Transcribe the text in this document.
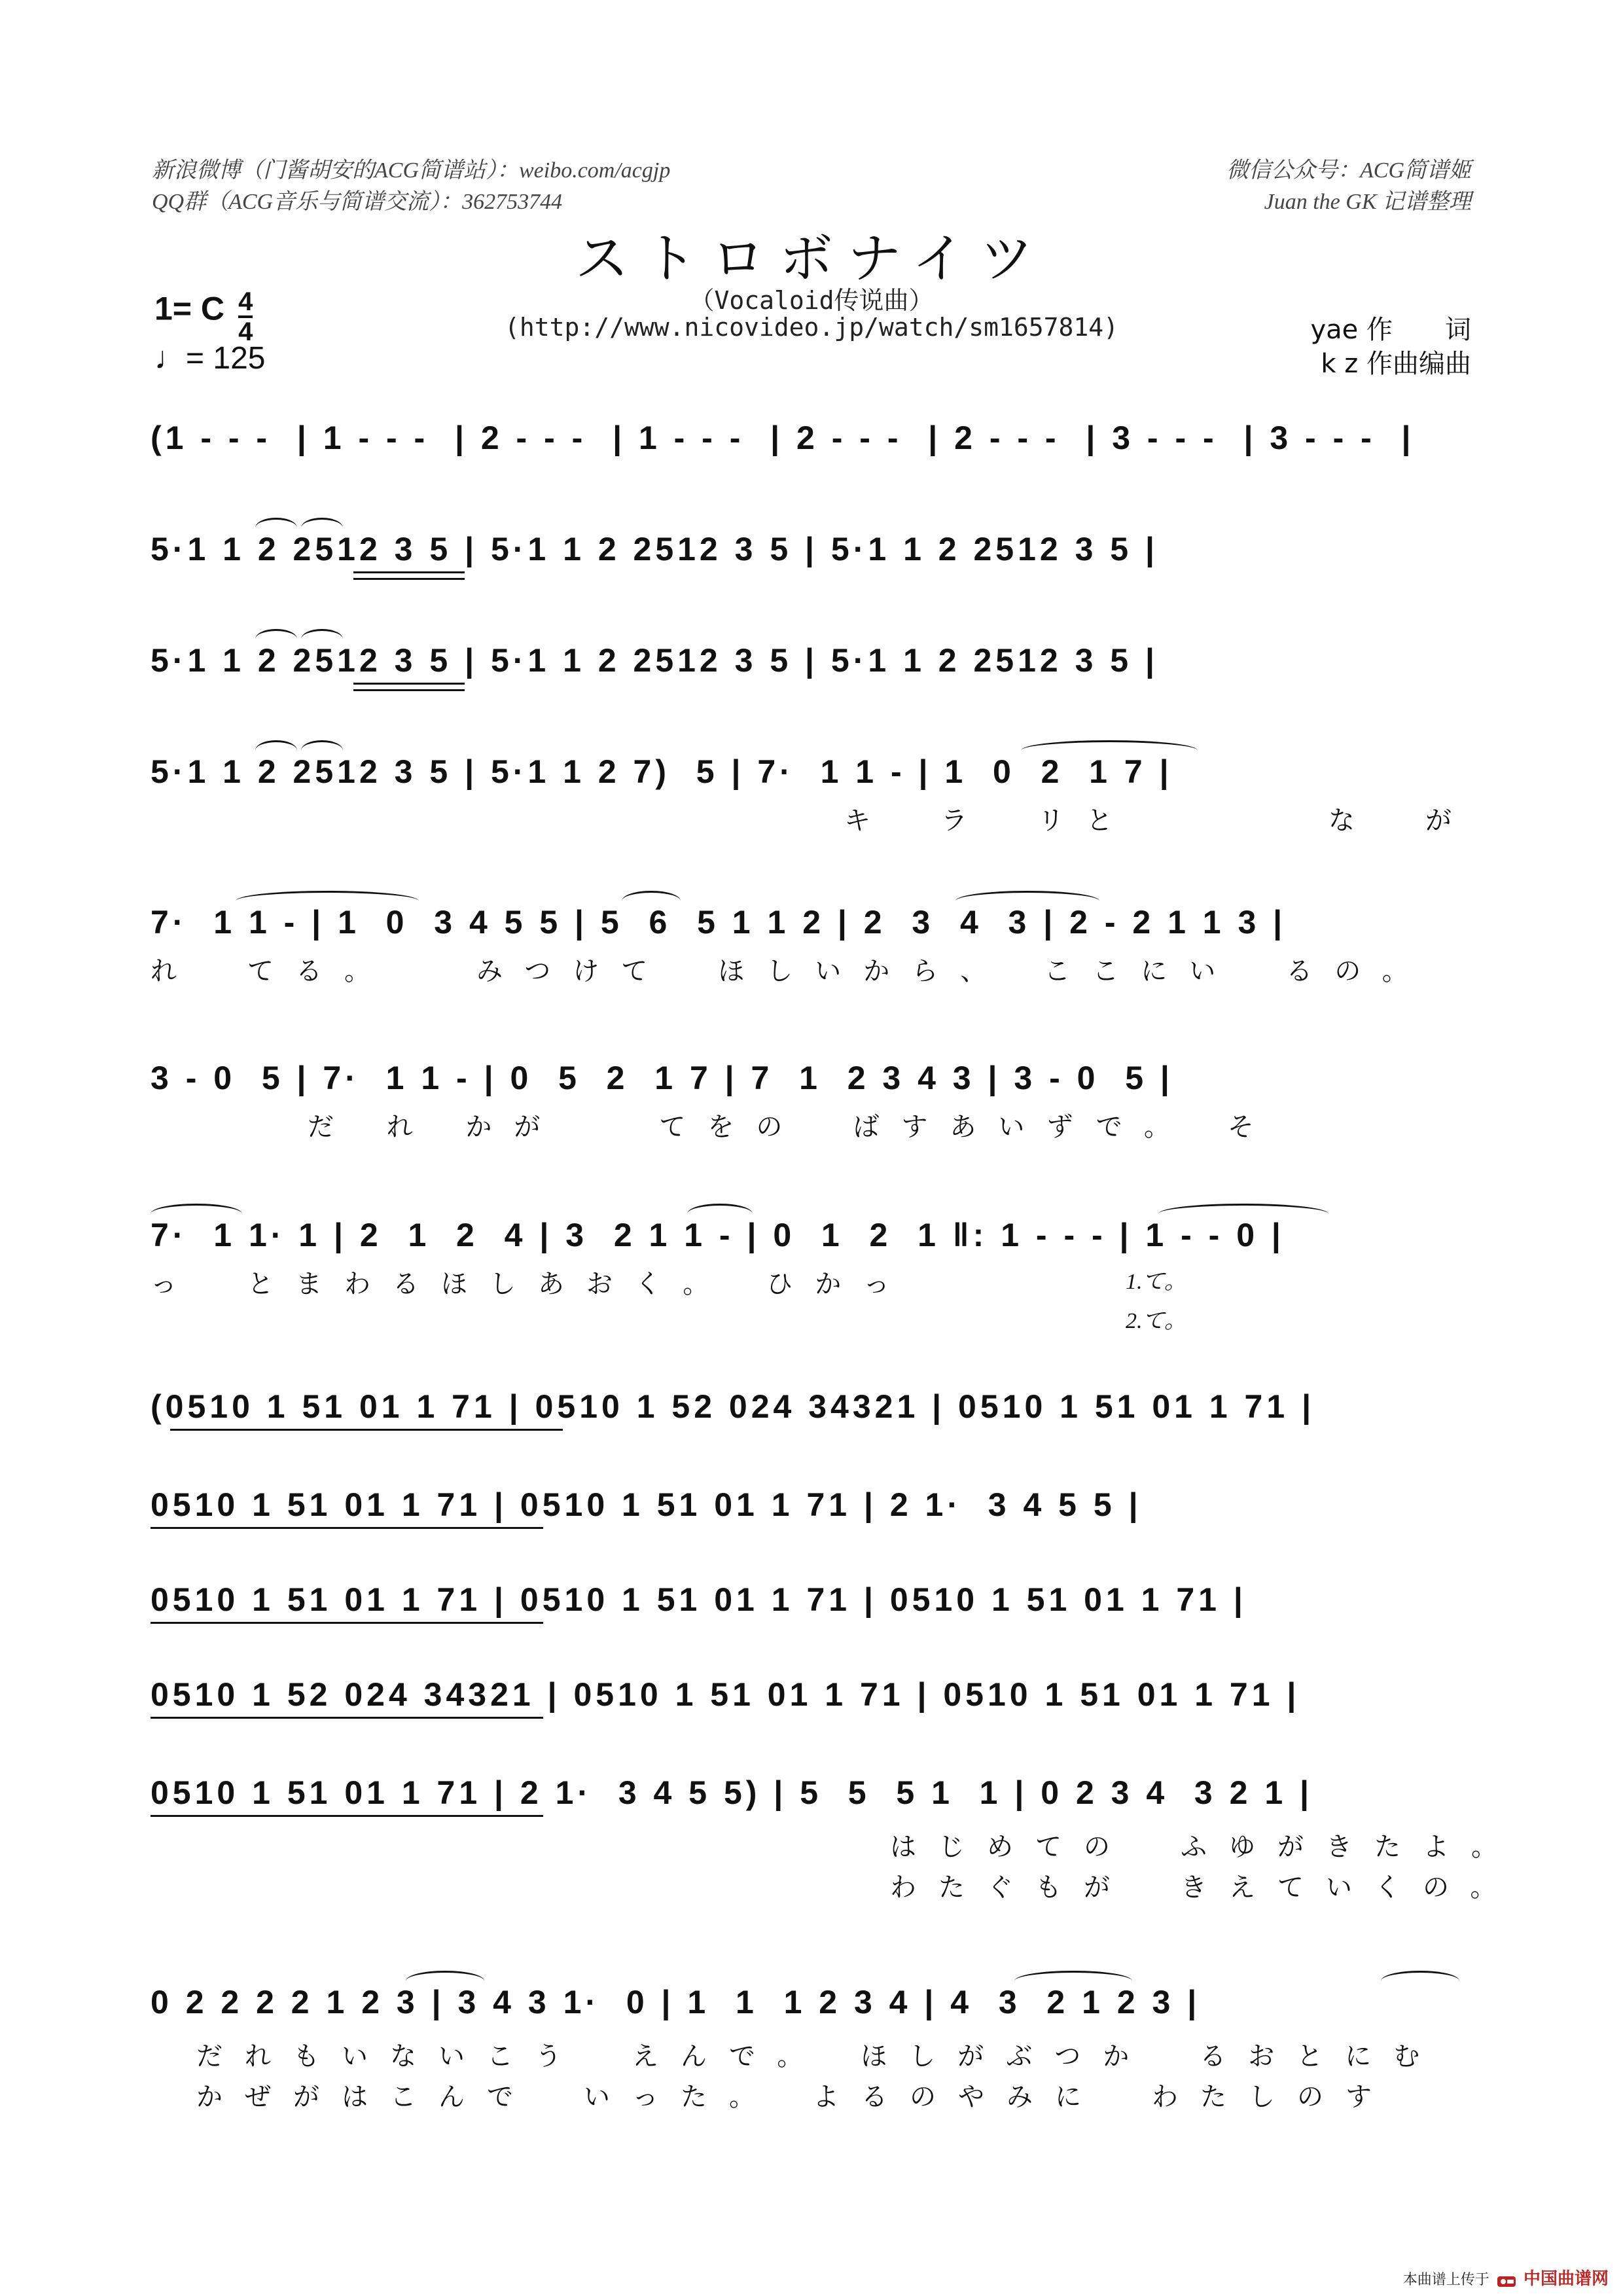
新浪微博（门酱胡安的ACG简谱站）：weibo.com/acgjp
QQ群（ACG音乐与简谱交流）：362753744
微信公众号：ACG简谱姬
Juan the GK 记谱整理
ストロボナイツ
（Vocaloid传说曲）
(http://www.nicovideo.jp/watch/sm1657814)
1= C $\frac{4}{4}$
♩= 125
yae 作　　词
k z 作曲编曲
(1 - - -  | 1 - - -  | 2 - - -  | 1 - - -  | 2 - - -  | 2 - - -  | 3 - - -  | 3 - - -  |
5·1 1 2 2512 3 5 | 5·1 1 2 2512 3 5 | 5·1 1 2 2512 3 5 |
5·1 1 2 2512 3 5 | 5·1 1 2 2512 3 5 | 5·1 1 2 2512 3 5 |
5·1 1 2 2512 3 5 | 5·1 1 2 7)  5 | 7·  1 1 - | 1  0  2  1 7 |
キ　ラ　リと　　　　な　が
7·  1 1 - | 1  0  3 4 5 5 | 5  6  5 1 1 2 | 2  3  4  3 | 2 - 2 1 1 3 |
れ　てる。　　みつけて　ほしいから、　ここにい　るの。
3 - 0  5 | 7·  1 1 - | 0  5  2  1 7 | 7  1  2 3 4 3 | 3 - 0  5 |
だ れ かが　　てをの　ばすあいずで。　そ
7·  1 1· 1 | 2  1  2  4 | 3  2 1 1 - | 0  1  2  1 ‖: 1 - - - | 1 - - 0 |
っ　とまわるほしあおく。　ひかっ	1.て。
2.て。
(0510 1 51 01 1 71 | 0510 1 52 024 34321 | 0510 1 51 01 1 71 |
0510 1 51 01 1 71 | 0510 1 51 01 1 71 | 2 1·  3 4 5 5 |
0510 1 51 01 1 71 | 0510 1 51 01 1 71 | 0510 1 51 01 1 71 |
0510 1 52 024 34321 | 0510 1 51 01 1 71 | 0510 1 51 01 1 71 |
0510 1 51 01 1 71 | 2 1·  3 4 5 5) | 5  5  5 1  1 | 0 2 3 4  3 2 1 |
はじめての　ふゆがきたよ。
わたぐもが　きえていくの。
0 2 2 2 2 1 2 3 | 3 4 3 1·  0 | 1  1  1 2 3 4 | 4  3  2 1 2 3 |
だれもいないこう　えんで。　ほしがぶつか　るおとにむ
かぜがはこんで　いった。　よるのやみに　わたしのす
本曲谱上传于 中国曲谱网
